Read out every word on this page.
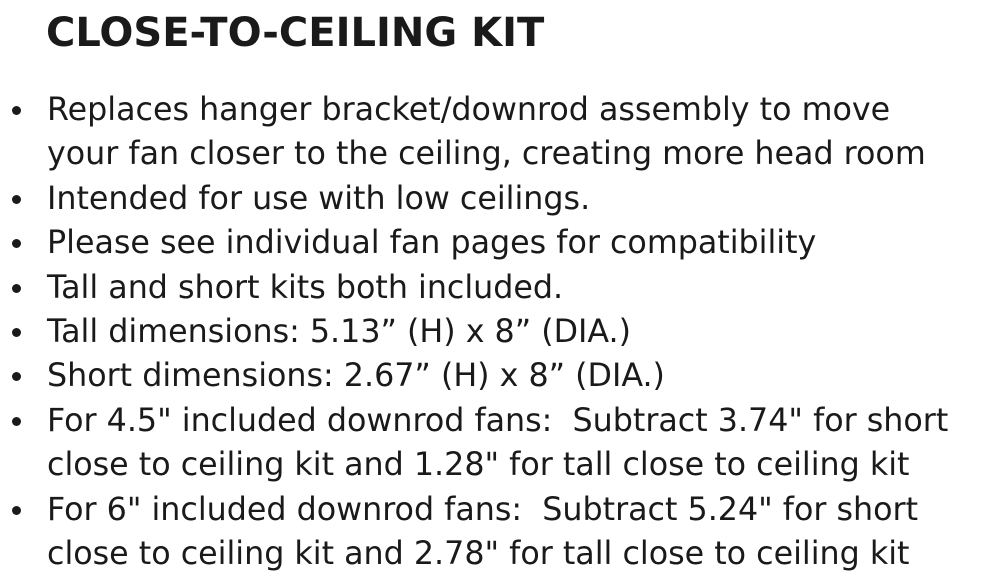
CLOSE-TO-CEILING KIT
Replaces hanger bracket/downrod assembly to move
your fan closer to the ceiling, creating more head room
Intended for use with low ceilings.
Please see individual fan pages for compatibility
Tall and short kits both included.
Tall dimensions: 5.13” (H) x 8” (DIA.)
Short dimensions: 2.67” (H) x 8” (DIA.)
For 4.5" included downrod fans:  Subtract 3.74" for short
close to ceiling kit and 1.28" for tall close to ceiling kit
For 6" included downrod fans:  Subtract 5.24" for short
close to ceiling kit and 2.78" for tall close to ceiling kit
